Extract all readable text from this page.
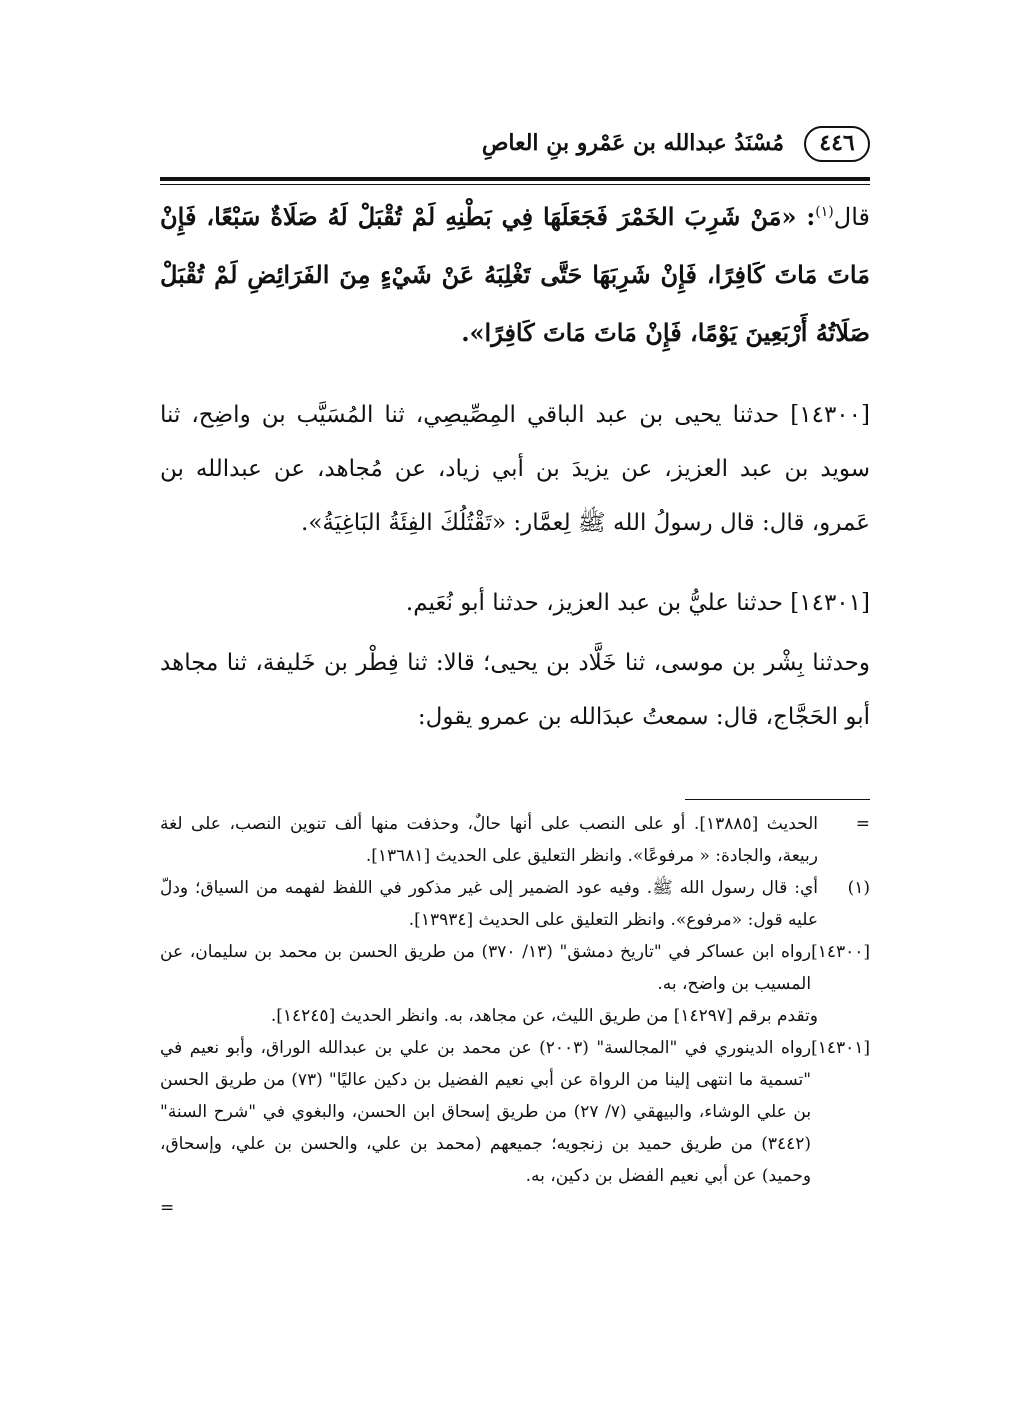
٤٤٦
مُسْنَدُ عبدالله بن عَمْرو بنِ العاصِ

قال$^{(١)}$: «مَنْ شَرِبَ الخَمْرَ فَجَعَلَهَا فِي بَطْنِهِ لَمْ تُقْبَلْ لَهُ صَلَاةٌ سَبْعًا، فَإِنْ مَاتَ مَاتَ كَافِرًا، فَإِنْ شَرِبَهَا حَتَّى تَغْلِبَهُ عَنْ شَيْءٍ مِنَ الفَرَائِضِ لَمْ تُقْبَلْ صَلَاتُهُ أَرْبَعِينَ يَوْمًا، فَإِنْ مَاتَ مَاتَ كَافِرًا».

[١٤٣٠٠] حدثنا يحيى بن عبد الباقي المِصِّيصِي، ثنا المُسَيَّب بن واضِح، ثنا سويد بن عبد العزيز، عن يزيدَ بن أبي زياد، عن مُجاهد، عن عبدالله بن عَمرو، قال: قال رسولُ الله ﷺ لِعمَّار: «تَقْتُلُكَ الفِئَةُ البَاغِيَةُ».

[١٤٣٠١] حدثنا عليُّ بن عبد العزيز، حدثنا أبو نُعَيم.

وحدثنا بِشْر بن موسى، ثنا خَلَّاد بن يحيى؛ قالا: ثنا فِطْر بن خَليفة، ثنا مجاهد أبو الحَجَّاج، قال: سمعتُ عبدَالله بن عمرو يقول:

=
الحديث [١٣٨٨٥]. أو على النصب على أنها حالٌ، وحذفت منها ألف تنوين النصب، على لغة ربيعة، والجادة: « مرفوعًا». وانظر التعليق على الحديث [١٣٦٨١].
(١)
أي: قال رسول الله ﷺ. وفيه عود الضمير إلى غير مذكور في اللفظ لفهمه من السياق؛ ودلّ عليه قول: «مرفوع». وانظر التعليق على الحديث [١٣٩٣٤].
[١٤٣٠٠]
رواه ابن عساكر في "تاريخ دمشق" (١٣/ ٣٧٠) من طريق الحسن بن محمد بن سليمان، عن المسيب بن واضح، به.
وتقدم برقم [١٤٢٩٧] من طريق الليث، عن مجاهد، به. وانظر الحديث [١٤٢٤٥].
[١٤٣٠١]
رواه الدينوري في "المجالسة" (٢٠٠٣) عن محمد بن علي بن عبدالله الوراق، وأبو نعيم في "تسمية ما انتهى إلينا من الرواة عن أبي نعيم الفضيل بن دكين عاليًا" (٧٣) من طريق الحسن بن علي الوشاء، والبيهقي (٧/ ٢٧) من طريق إسحاق ابن الحسن، والبغوي في "شرح السنة" (٣٤٤٢) من طريق حميد بن زنجويه؛ جميعهم (محمد بن علي، والحسن بن علي، وإسحاق، وحميد) عن أبي نعيم الفضل بن دكين، به.
=
